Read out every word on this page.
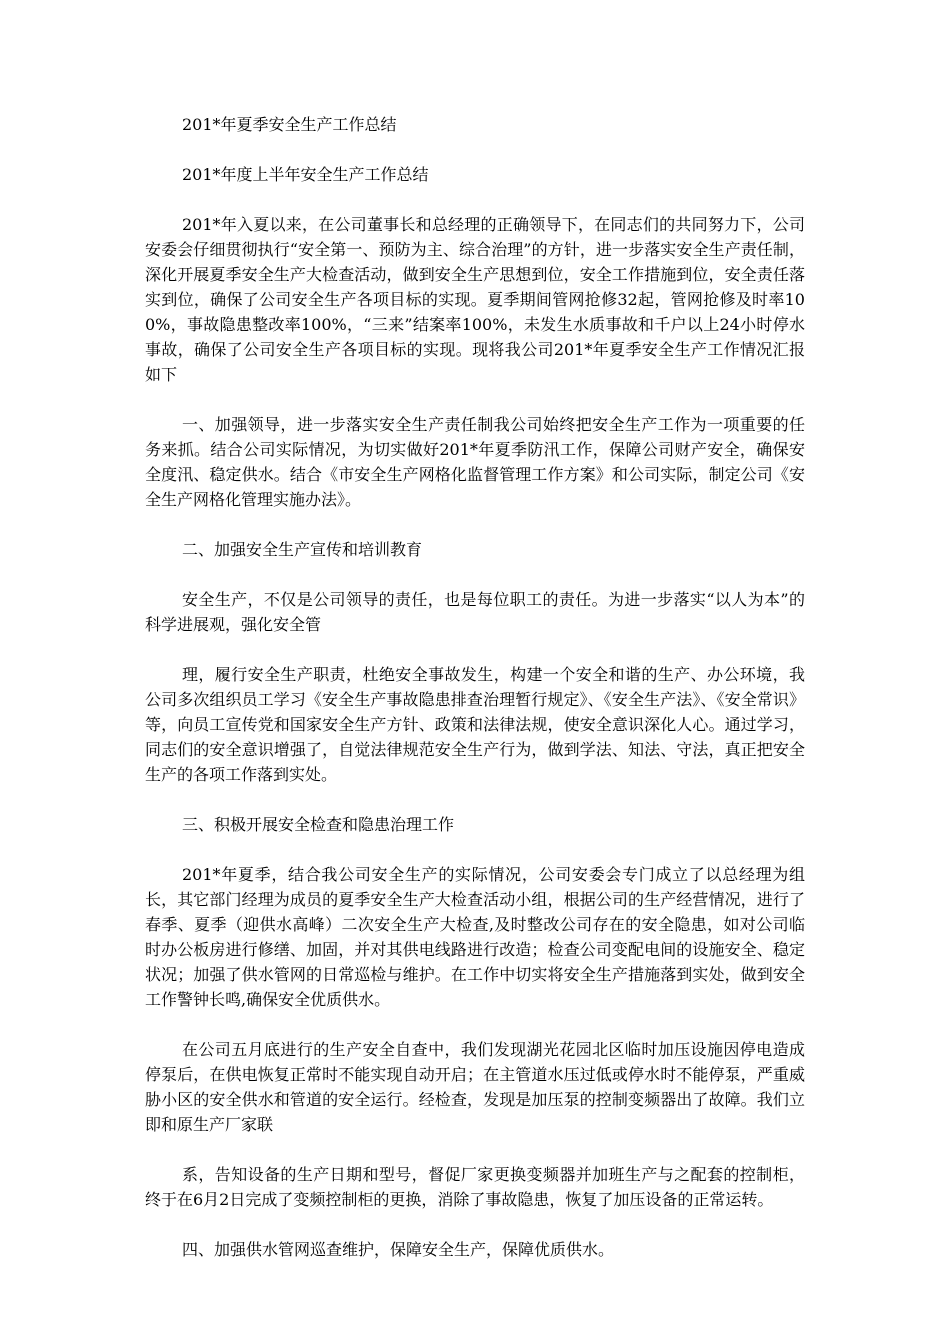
201*年夏季安全生产工作总结

201*年度上半年安全生产工作总结

201*年入夏以来，在公司董事长和总经理的正确领导下，在同志们的共同努力下，公司安委会仔细贯彻执行“安全第一、预防为主、综合治理”的方针，进一步落实安全生产责任制，深化开展夏季安全生产大检查活动，做到安全生产思想到位，安全工作措施到位，安全责任落实到位，确保了公司安全生产各项目标的实现。夏季期间管网抢修32起，管网抢修及时率100%，事故隐患整改率100%，“三来”结案率100%，未发生水质事故和千户以上24小时停水事故，确保了公司安全生产各项目标的实现。现将我公司201*年夏季安全生产工作情况汇报如下

一、加强领导，进一步落实安全生产责任制我公司始终把安全生产工作为一项重要的任务来抓。结合公司实际情况，为切实做好201*年夏季防汛工作，保障公司财产安全，确保安全度汛、稳定供水。结合《市安全生产网格化监督管理工作方案》和公司实际，制定公司《安全生产网格化管理实施办法》。

二、加强安全生产宣传和培训教育

安全生产，不仅是公司领导的责任，也是每位职工的责任。为进一步落实“以人为本”的科学进展观，强化安全管

理，履行安全生产职责，杜绝安全事故发生，构建一个安全和谐的生产、办公环境，我公司多次组织员工学习《安全生产事故隐患排查治理暂行规定》、《安全生产法》、《安全常识》等，向员工宣传党和国家安全生产方针、政策和法律法规，使安全意识深化人心。通过学习，同志们的安全意识增强了，自觉法律规范安全生产行为，做到学法、知法、守法，真正把安全生产的各项工作落到实处。

三、积极开展安全检查和隐患治理工作

201*年夏季，结合我公司安全生产的实际情况，公司安委会专门成立了以总经理为组长，其它部门经理为成员的夏季安全生产大检查活动小组，根据公司的生产经营情况，进行了春季、夏季（迎供水高峰）二次安全生产大检查,及时整改公司存在的安全隐患，如对公司临时办公板房进行修缮、加固，并对其供电线路进行改造；检查公司变配电间的设施安全、稳定状况；加强了供水管网的日常巡检与维护。在工作中切实将安全生产措施落到实处，做到安全工作警钟长鸣,确保安全优质供水。

在公司五月底进行的生产安全自查中，我们发现湖光花园北区临时加压设施因停电造成停泵后，在供电恢复正常时不能实现自动开启；在主管道水压过低或停水时不能停泵，严重威胁小区的安全供水和管道的安全运行。经检查，发现是加压泵的控制变频器出了故障。我们立即和原生产厂家联

系，告知设备的生产日期和型号，督促厂家更换变频器并加班生产与之配套的控制柜，终于在6月2日完成了变频控制柜的更换，消除了事故隐患，恢复了加压设备的正常运转。

四、加强供水管网巡查维护，保障安全生产，保障优质供水。
